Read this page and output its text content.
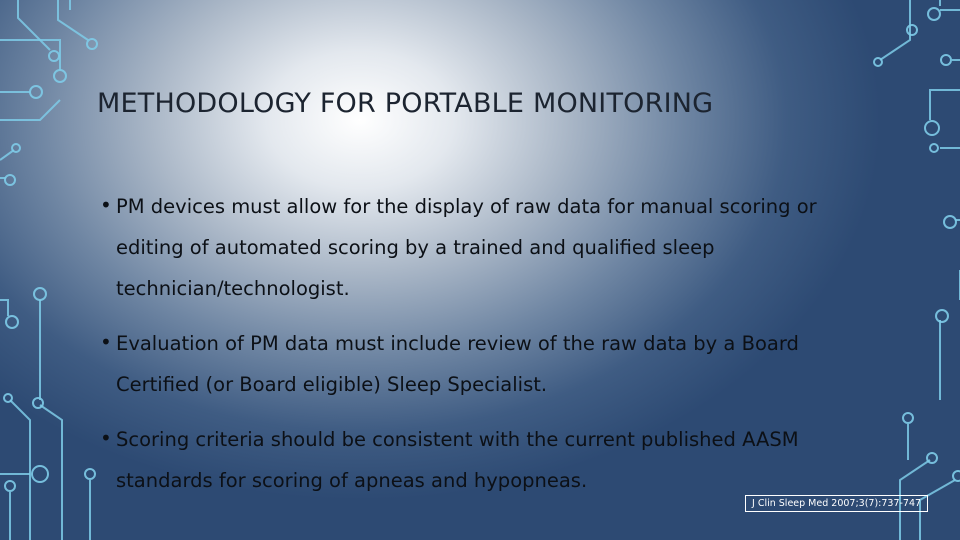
METHODOLOGY FOR PORTABLE MONITORING
• PM devices must allow for the display of raw data for manual scoring or editing of automated scoring by a trained and qualified sleep technician/technologist.
• Evaluation of PM data must include review of the raw data by a Board Certified (or Board eligible) Sleep Specialist.
• Scoring criteria should be consistent with the current published AASM standards for scoring of apneas and hypopneas.
J Clin Sleep Med 2007;3(7):737-747
